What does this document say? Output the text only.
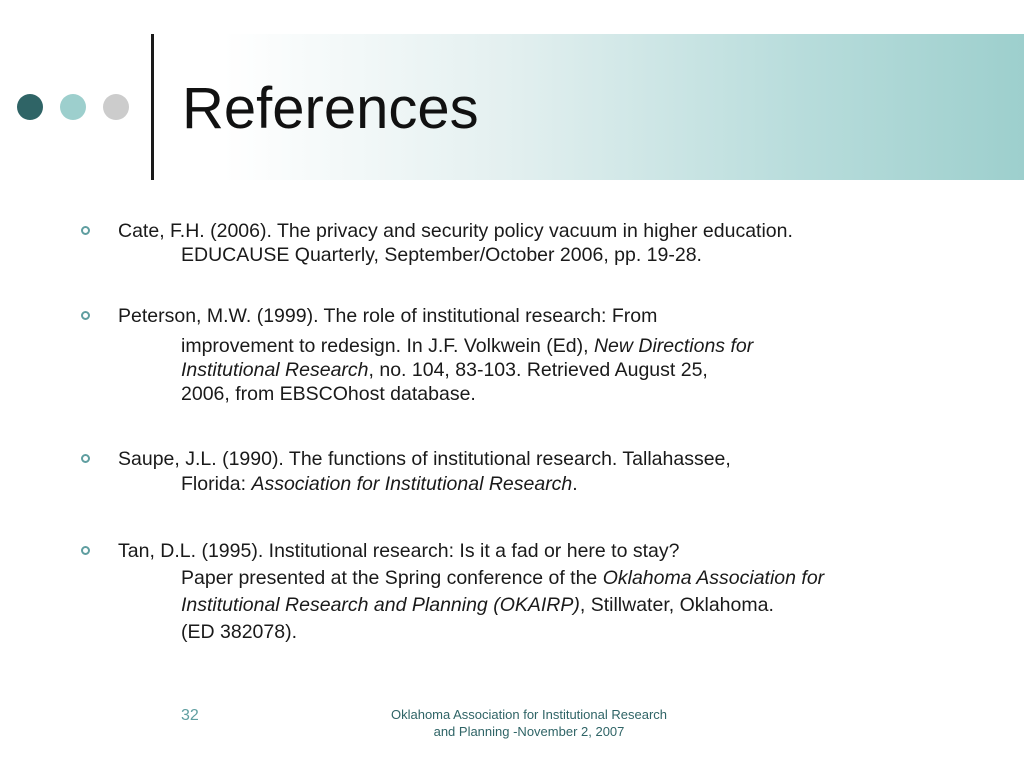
References
Cate, F.H. (2006). The privacy and security policy vacuum in higher education.
EDUCAUSE Quarterly, September/October 2006, pp. 19-28.
Peterson, M.W. (1999). The role of institutional research: From
improvement to redesign. In J.F. Volkwein (Ed), New Directions for
Institutional Research, no. 104, 83-103. Retrieved August 25,
2006, from EBSCOhost database.
Saupe, J.L. (1990). The functions of institutional research. Tallahassee,
Florida: Association for Institutional Research.
Tan, D.L. (1995). Institutional research: Is it a fad or here to stay?
Paper presented at the Spring conference of the Oklahoma Association for
Institutional Research and Planning (OKAIRP), Stillwater, Oklahoma.
(ED 382078).
32	Oklahoma Association for Institutional Research
and Planning -November 2, 2007
